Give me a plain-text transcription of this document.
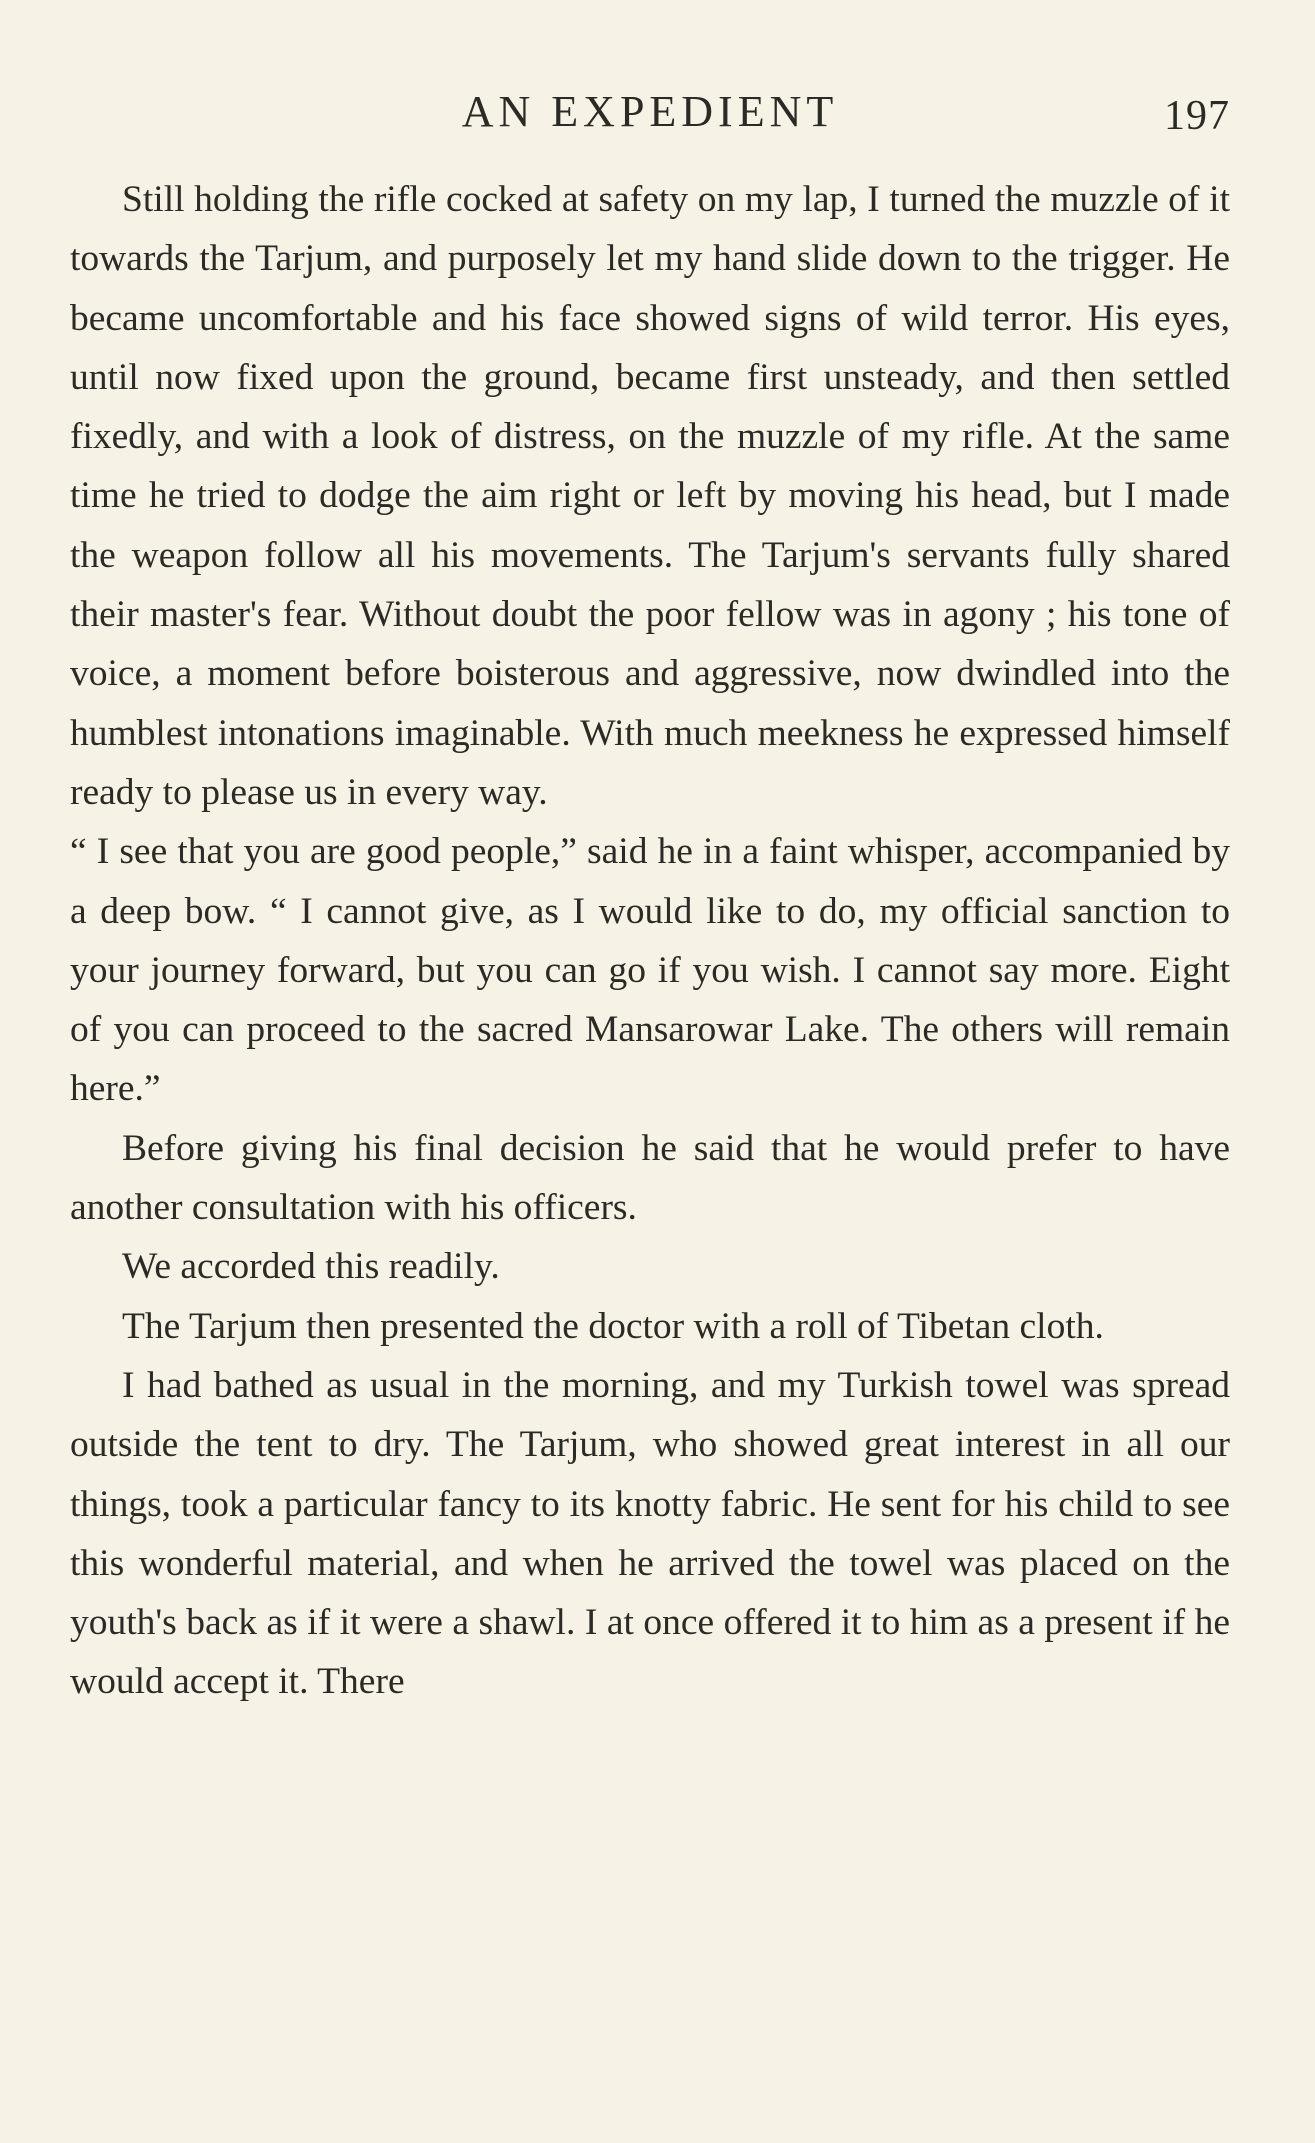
AN EXPEDIENT	197

Still holding the rifle cocked at safety on my lap, I turned the muzzle of it towards the Tarjum, and purposely let my hand slide down to the trigger. He became uncomfortable and his face showed signs of wild terror. His eyes, until now fixed upon the ground, became first unsteady, and then settled fixedly, and with a look of distress, on the muzzle of my rifle. At the same time he tried to dodge the aim right or left by moving his head, but I made the weapon follow all his movements. The Tarjum's servants fully shared their master's fear. Without doubt the poor fellow was in agony ; his tone of voice, a moment before boisterous and aggressive, now dwindled into the humblest intonations imaginable. With much meekness he expressed himself ready to please us in every way.

“ I see that you are good people,” said he in a faint whisper, accompanied by a deep bow. “ I cannot give, as I would like to do, my official sanction to your journey forward, but you can go if you wish. I cannot say more. Eight of you can proceed to the sacred Mansarowar Lake. The others will remain here.”

Before giving his final decision he said that he would prefer to have another consultation with his officers.

We accorded this readily.

The Tarjum then presented the doctor with a roll of Tibetan cloth.

I had bathed as usual in the morning, and my Turkish towel was spread outside the tent to dry. The Tarjum, who showed great interest in all our things, took a particular fancy to its knotty fabric. He sent for his child to see this wonderful material, and when he arrived the towel was placed on the youth's back as if it were a shawl. I at once offered it to him as a present if he would accept it. There
